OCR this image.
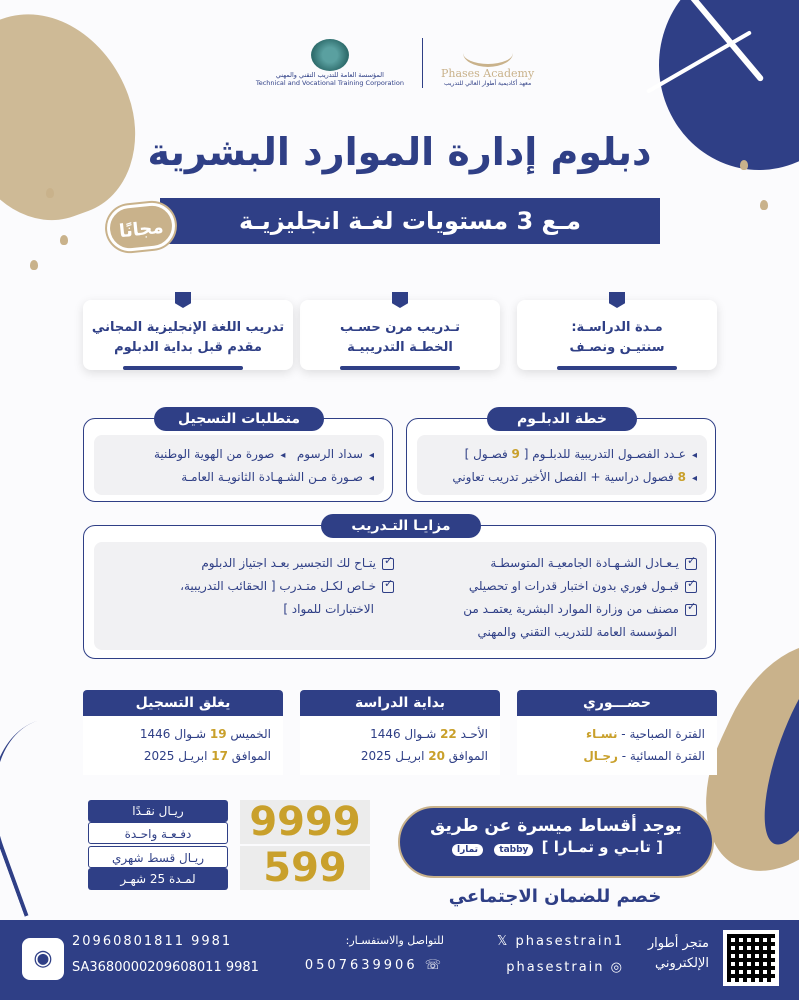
Phases Academy
معهد أكاديمية أطوار العالي للتدريب
المؤسسة العامة للتدريب التقني والمهني
Technical and Vocational Training Corporation
دبلوم إدارة الموارد البشرية
مـع 3 مستويات لغـة انجليزيـة
مجانًا
مـدة الدراسـة:
سنتيـن ونصـف
تـدريب مرن حسـب
الخطـة التدريبيـة
تدريب اللغة الإنجليزية المجاني
مقدم قبل بداية الدبلوم
خطة الدبلـوم
◂عـدد الفصـول التدريبية للدبلـوم [ 9 فصـول ]
◂8 فصول دراسية + الفصل الأخير تدريب تعاوني
متطلبات التسجيل
◂سداد الرسوم   ◂صورة من الهوية الوطنية
◂صـورة مـن الشـهـادة الثانويـة العامـة
مزايـا التـدريب
✓يـعـادل الشـهـادة الجامعيـة المتوسطـة
✓قبـول فوري بدون اختبار قدرات او تحصيلي
✓مصنف من وزارة الموارد البشرية يعتمـد من
المؤسسة العامة للتدريب التقني والمهني
✓يتـاح لك التجسير بعـد اجتياز الدبلوم
✓خـاص لكـل متـدرب [ الحقائب التدريبية،
الاختبارات للمواد ]
حضـــوري
الفترة الصباحية - نسـاء
الفترة المسائية - رجـال
بداية الدراسة
الأحـد 22 شـوال 1446
الموافق 20 ابريـل 2025
يغلق التسجيل
الخميس 19 شـوال 1446
الموافق 17 ابريـل 2025
9999
ريـال نقـدًا
دفـعـة واحـدة
599
ريـال قسط شهري
لمـدة 25 شهـر
يوجد أقساط ميسرة عن طريق
[ تابـي و تمـارا ] tabby تمارا
خصم للضمان الاجتماعي
متجر أطوار
الإلكتروني
𝕏 phasestrain1
◎ phasestrain
للتواصل والاستفسـار:
☏ 0507639906
20960801811 9981
SA3680000209608011 9981
◉
